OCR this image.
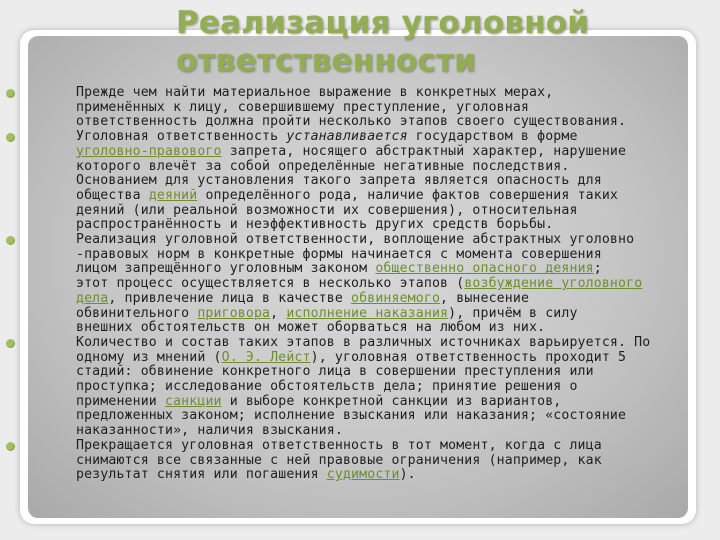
Реализация уголовной
ответственности
Прежде чем найти материальное выражение в конкретных мерах,
применённых к лицу, совершившему преступление, уголовная
ответственность должна пройти несколько этапов своего существования.
Уголовная ответственность устанавливается государством в форме
уголовно-правового запрета, носящего абстрактный характер, нарушение
которого влечёт за собой определённые негативные последствия.
Основанием для установления такого запрета является опасность для
общества деяний определённого рода, наличие фактов совершения таких
деяний (или реальной возможности их совершения), относительная
распространённость и неэффективность других средств борьбы.
Реализация уголовной ответственности, воплощение абстрактных уголовно
-правовых норм в конкретные формы начинается с момента совершения
лицом запрещённого уголовным законом общественно опасного деяния;
этот процесс осуществляется в несколько этапов (возбуждение уголовного
дела, привлечение лица в качестве обвиняемого, вынесение
обвинительного приговора, исполнение наказания), причём в силу
внешних обстоятельств он может оборваться на любом из них.
Количество и состав таких этапов в различных источниках варьируется. По
одному из мнений (О. Э. Лейст), уголовная ответственность проходит 5
стадий: обвинение конкретного лица в совершении преступления или
проступка; исследование обстоятельств дела; принятие решения о
применении санкции и выборе конкретной санкции из вариантов,
предложенных законом; исполнение взыскания или наказания; «состояние
наказанности», наличия взыскания.
Прекращается уголовная ответственность в тот момент, когда с лица
снимаются все связанные с ней правовые ограничения (например, как
результат снятия или погашения судимости).
